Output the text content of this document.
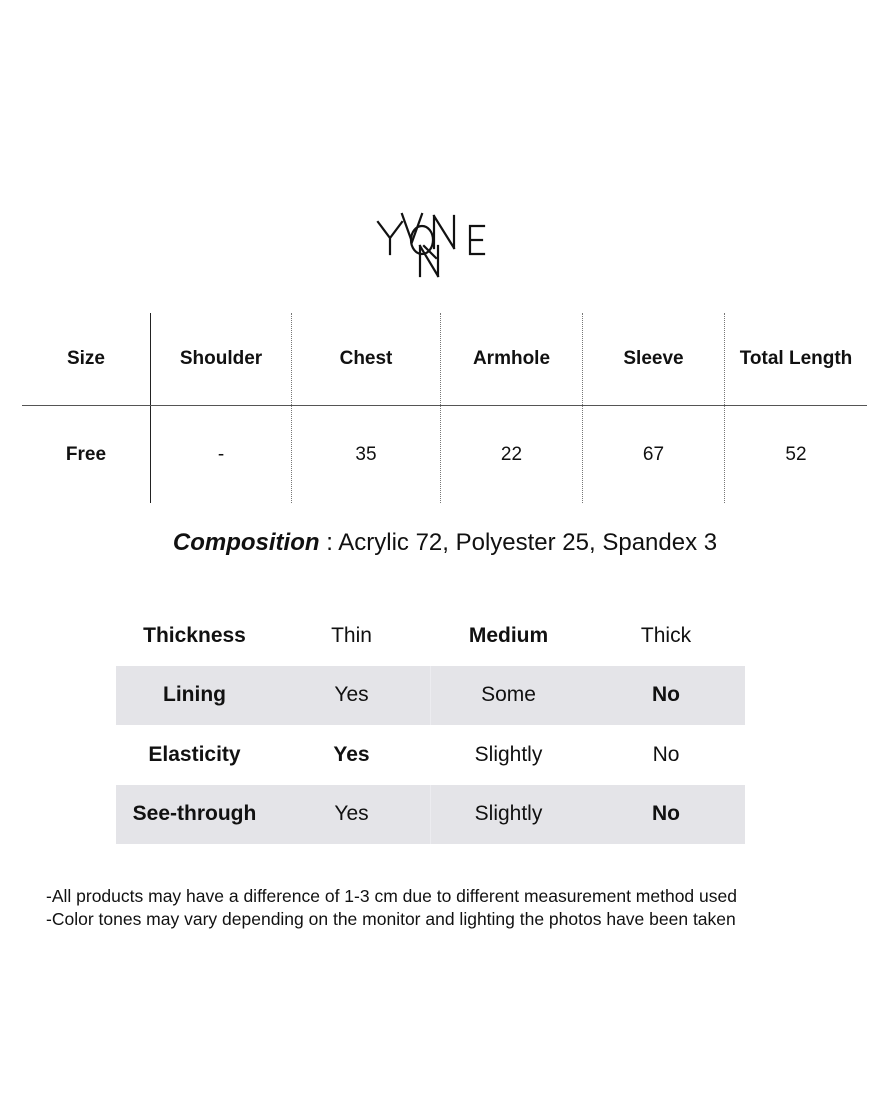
Size	Shoulder	Chest	Armhole	Sleeve	Total Length
Free	-	35	22	67	52
Composition : Acrylic 72, Polyester 25, Spandex 3
Thickness	Thin	Medium	Thick
Lining	Yes	Some	No
Elasticity	Yes	Slightly	No
See-through	Yes	Slightly	No
-All products may have a difference of 1-3 cm due to different measurement method used
-Color tones may vary depending on the monitor and lighting the photos have been taken
